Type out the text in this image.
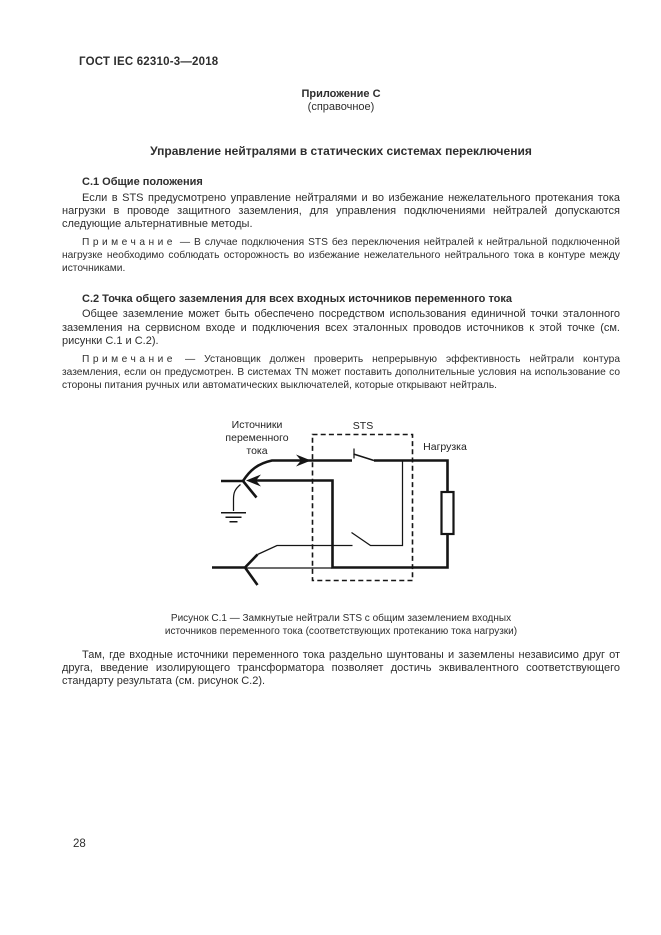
ГОСТ IEC 62310-3—2018
Приложение С
(справочное)
Управление нейтралями в статических системах переключения
С.1 Общие положения
Если в STS предусмотрено управление нейтралями и во избежание нежелательного протекания тока нагрузки в проводе защитного заземления, для управления подключениями нейтралей допускаются следующие альтернативные методы.
Примечание — В случае подключения STS без переключения нейтралей к нейтральной подключенной нагрузке необходимо соблюдать осторожность во избежание нежелательного нейтрального тока в контуре между источниками.
С.2 Точка общего заземления для всех входных источников переменного тока
Общее заземление может быть обеспечено посредством использования единичной точки эталонного заземления на сервисном входе и подключения всех эталонных проводов источников к этой точке (см. рисунки С.1 и С.2).
Примечание — Установщик должен проверить непрерывную эффективность нейтрали контура заземления, если он предусмотрен. В системах TN может поставить дополнительные условия на использование со стороны питания ручных или автоматических выключателей, которые открывают нейтраль.
Источники
переменного
тока
STS
Нагрузка
Рисунок С.1 — Замкнутые нейтрали STS с общим заземлением входных источников переменного тока (соответствующих протеканию тока нагрузки)
Там, где входные источники переменного тока раздельно шунтованы и заземлены независимо друг от друга, введение изолирующего трансформатора позволяет достичь эквивалентного соответствующего стандарту результата (см. рисунок С.2).
28
